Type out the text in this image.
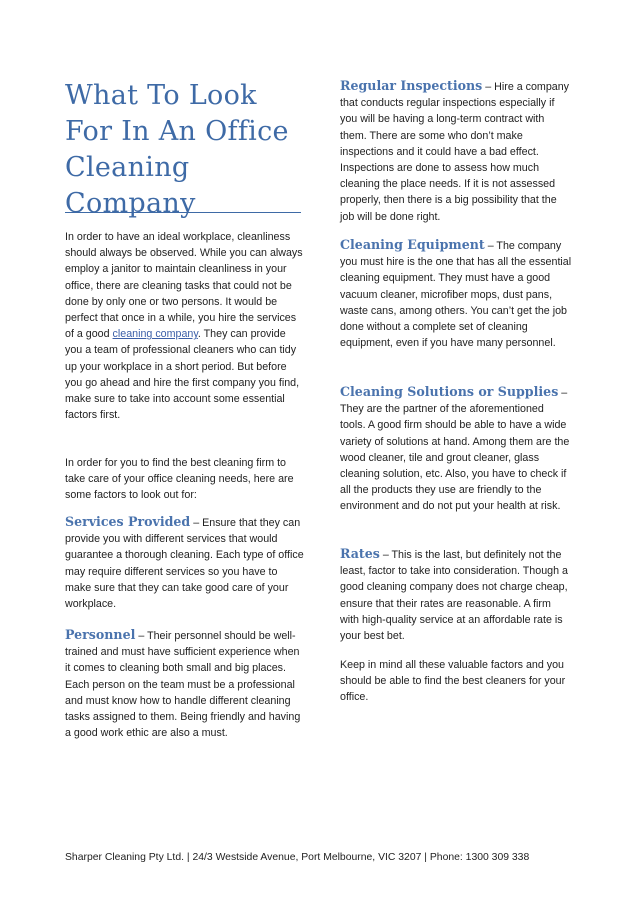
What To Look For In An Office Cleaning Company

In order to have an ideal workplace, cleanliness should always be observed. While you can always employ a janitor to maintain cleanliness in your office, there are cleaning tasks that could not be done by only one or two persons. It would be perfect that once in a while, you hire the services of a good cleaning company. They can provide you a team of professional cleaners who can tidy up your workplace in a short period. But before you go ahead and hire the first company you find, make sure to take into account some essential factors first.

In order for you to find the best cleaning firm to take care of your office cleaning needs, here are some factors to look out for:

Services Provided – Ensure that they can provide you with different services that would guarantee a thorough cleaning. Each type of office may require different services so you have to make sure that they can take good care of your workplace.

Personnel – Their personnel should be well-trained and must have sufficient experience when it comes to cleaning both small and big places. Each person on the team must be a professional and must know how to handle different cleaning tasks assigned to them. Being friendly and having a good work ethic are also a must.

Regular Inspections – Hire a company that conducts regular inspections especially if you will be having a long-term contract with them. There are some who don’t make inspections and it could have a bad effect. Inspections are done to assess how much cleaning the place needs. If it is not assessed properly, then there is a big possibility that the job will be done right.

Cleaning Equipment – The company you must hire is the one that has all the essential cleaning equipment. They must have a good vacuum cleaner, microfiber mops, dust pans, waste cans, among others. You can’t get the job done without a complete set of cleaning equipment, even if you have many personnel.

Cleaning Solutions or Supplies – They are the partner of the aforementioned tools. A good firm should be able to have a wide variety of solutions at hand. Among them are the wood cleaner, tile and grout cleaner, glass cleaning solution, etc. Also, you have to check if all the products they use are friendly to the environment and do not put your health at risk.

Rates – This is the last, but definitely not the least, factor to take into consideration. Though a good cleaning company does not charge cheap, ensure that their rates are reasonable. A firm with high-quality service at an affordable rate is your best bet.

Keep in mind all these valuable factors and you should be able to find the best cleaners for your office.

Sharper Cleaning Pty Ltd. | 24/3 Westside Avenue, Port Melbourne, VIC 3207 | Phone: 1300 309 338
